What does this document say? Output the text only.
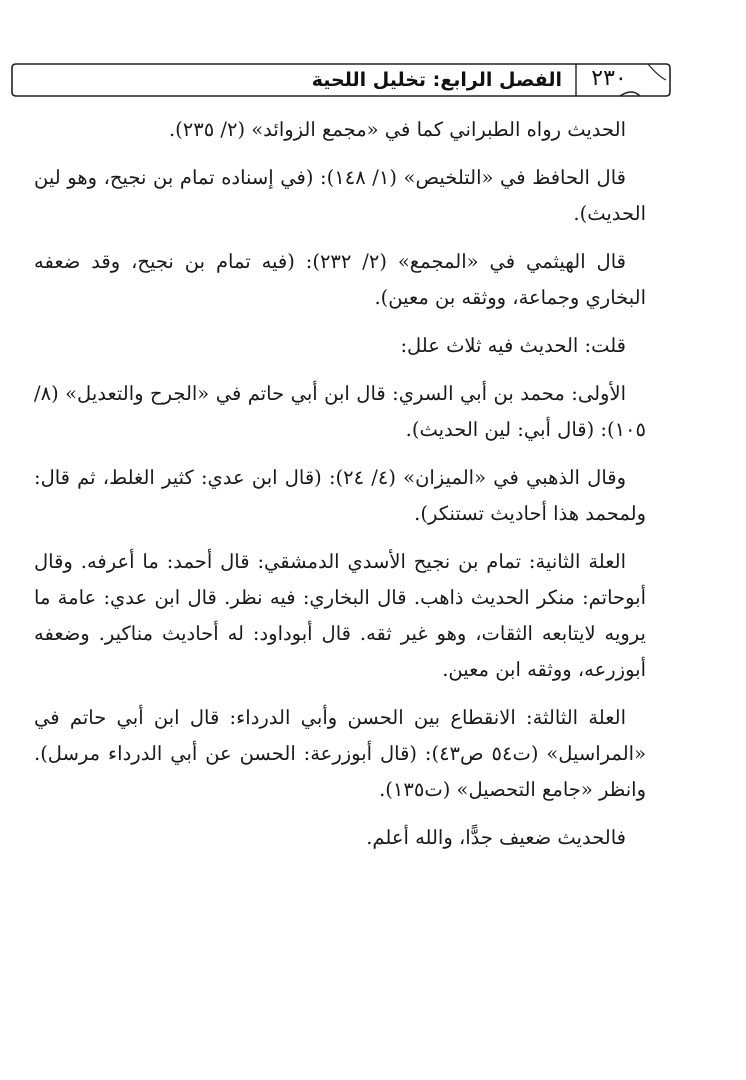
الفصل الرابع: تخليل اللحية	٢٣٠

الحديث رواه الطبراني كما في «مجمع الزوائد» (٢/ ٢٣٥).

قال الحافظ في «التلخيص» (١/ ١٤٨): (في إسناده تمام بن نجيح، وهو لين الحديث).

قال الهيثمي في «المجمع» (٢/ ٢٣٢): (فيه تمام بن نجيح، وقد ضعفه البخاري وجماعة، ووثقه بن معين).

قلت: الحديث فيه ثلاث علل:

الأولى: محمد بن أبي السري: قال ابن أبي حاتم في «الجرح والتعديل» (٨/ ١٠٥): (قال أبي: لين الحديث).

وقال الذهبي في «الميزان» (٤/ ٢٤): (قال ابن عدي: كثير الغلط، ثم قال: ولمحمد هذا أحاديث تستنكر).

العلة الثانية: تمام بن نجيح الأسدي الدمشقي: قال أحمد: ما أعرفه. وقال أبوحاتم: منكر الحديث ذاهب. قال البخاري: فيه نظر. قال ابن عدي: عامة ما يرويه لايتابعه الثقات، وهو غير ثقه. قال أبوداود: له أحاديث مناكير. وضعفه أبوزرعه، ووثقه ابن معين.

العلة الثالثة: الانقطاع بين الحسن وأبي الدرداء: قال ابن أبي حاتم في «المراسيل» (ت٥٤ ص٤٣): (قال أبوزرعة: الحسن عن أبي الدرداء مرسل). وانظر «جامع التحصيل» (ت١٣٥).

فالحديث ضعيف جدًّا، والله أعلم.
